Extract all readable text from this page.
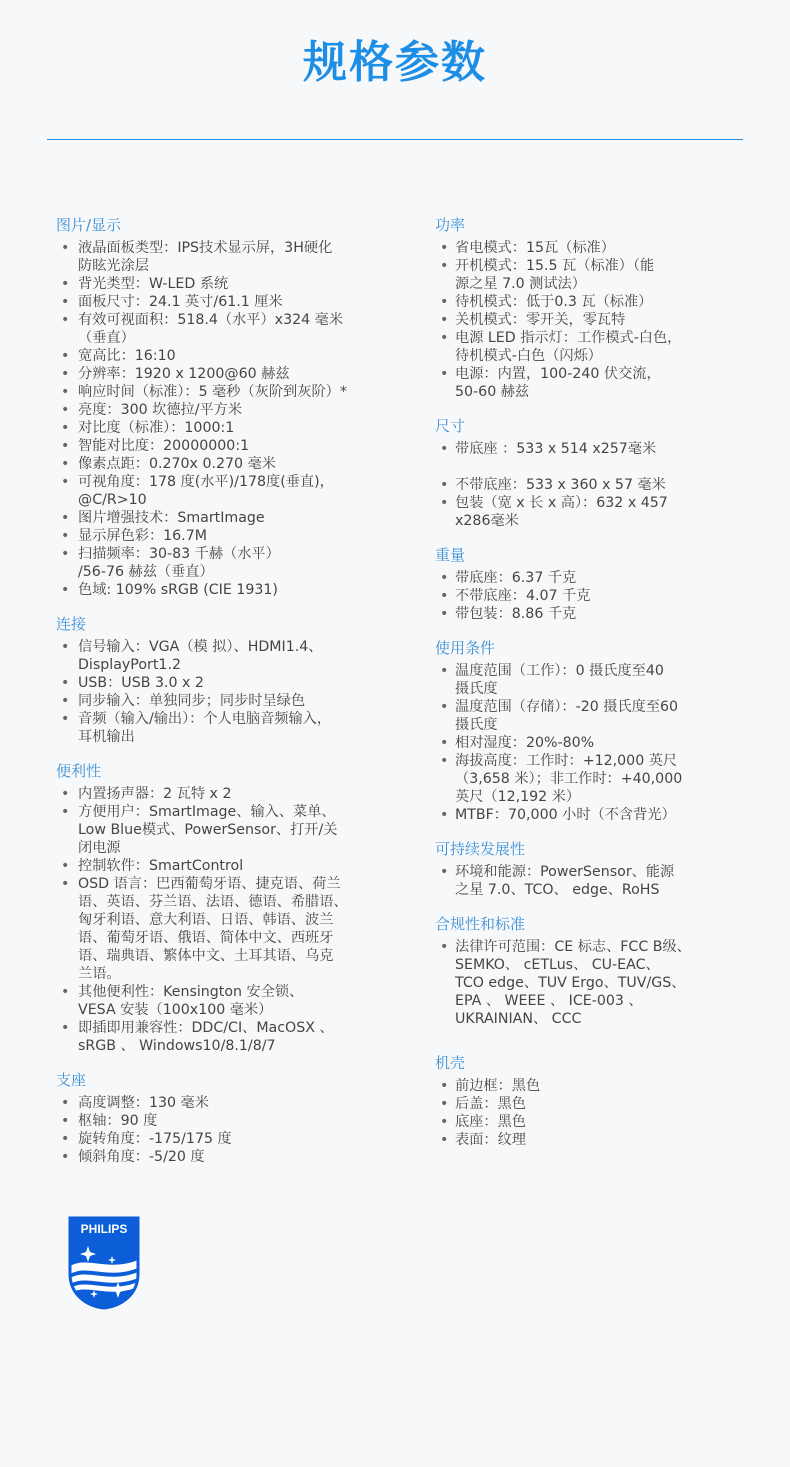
规格参数
图片/显示
• 液晶面板类型：IPS技术显示屏，3H硬化
防眩光涂层
• 背光类型：W-LED 系统
• 面板尺寸：24.1 英寸/61.1 厘米
• 有效可视面积：518.4（水平）x324 毫米
（垂直）
• 宽高比：16:10
• 分辨率：1920 x 1200@60 赫兹
• 响应时间（标准）：5 毫秒（灰阶到灰阶）*
• 亮度：300 坎德拉/平方米
• 对比度（标准）：1000:1
• 智能对比度：20000000:1
• 像素点距：0.270x 0.270 毫米
• 可视角度：178 度(水平)/178度(垂直)，
@C/R>10
• 图片增强技术：SmartImage
• 显示屏色彩：16.7M
• 扫描频率：30-83 千赫（水平）
/56-76 赫兹（垂直）
• 色域: 109% sRGB (CIE 1931)
连接
• 信号输入：VGA（模 拟）、HDMI1.4、
DisplayPort1.2
• USB：USB 3.0 x 2
• 同步输入：单独同步；同步时呈绿色
• 音频（输入/输出）：个人电脑音频输入，
耳机输出
便利性
• 内置扬声器：2 瓦特 x 2
• 方便用户：SmartImage、输入、菜单、
Low Blue模式、PowerSensor、打开/关
闭电源
• 控制软件：SmartControl
• OSD 语言：巴西葡萄牙语、捷克语、荷兰
语、英语、芬兰语、法语、德语、希腊语、
匈牙利语、意大利语、日语、韩语、波兰
语、葡萄牙语、俄语、简体中文、西班牙
语、瑞典语、繁体中文、土耳其语、乌克
兰语。
• 其他便利性：Kensington 安全锁、
VESA 安装（100x100 毫米）
• 即插即用兼容性：DDC/CI、MacOSX 、
sRGB 、 Windows10/8.1/8/7
支座
• 高度调整：130 毫米
• 枢轴：90 度
• 旋转角度：-175/175 度
• 倾斜角度：-5/20 度
功率
• 省电模式：15瓦（标准）
• 开机模式：15.5 瓦（标准）（能
源之星 7.0 测试法）
• 待机模式：低于0.3 瓦（标准）
• 关机模式：零开关，零瓦特
• 电源 LED 指示灯：工作模式-白色，
待机模式-白色（闪烁）
• 电源：内置，100-240 伏交流，
50-60 赫兹
尺寸
• 带底座 ：533 x 514 x257毫米
• 不带底座：533 x 360 x 57 毫米
• 包装（宽 x 长 x 高）：632 x 457
x286毫米
重量
• 带底座：6.37 千克
• 不带底座：4.07 千克
• 带包装：8.86 千克
使用条件
• 温度范围（工作）：0 摄氏度至40
摄氏度
• 温度范围（存储）：-20 摄氏度至60
摄氏度
• 相对湿度：20%-80%
• 海拔高度：工作时：+12,000 英尺
（3,658 米）；非工作时：+40,000
英尺（12,192 米）
• MTBF：70,000 小时（不含背光）
可持续发展性
• 环境和能源：PowerSensor、能源
之星 7.0、TCO、 edge、RoHS
合规性和标准
• 法律许可范围：CE 标志、FCC B级、
SEMKO、 cETLus、 CU-EAC、
TCO edge、TUV Ergo、TUV/GS、
EPA 、 WEEE 、 ICE-003 、
UKRAINIAN、 CCC
机壳
• 前边框：黑色
• 后盖：黑色
• 底座：黑色
• 表面：纹理
PHILIPS
